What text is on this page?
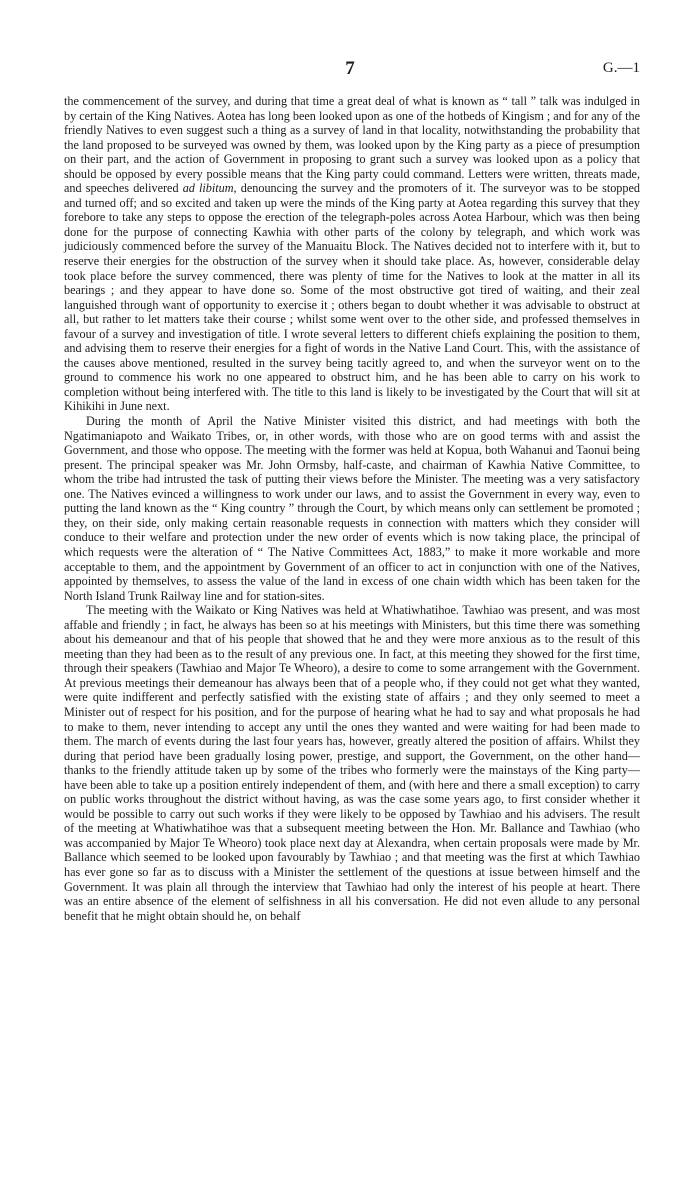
7	G.—1

the commencement of the survey, and during that time a great deal of what is known as “ tall ” talk was indulged in by certain of the King Natives. Aotea has long been looked upon as one of the hotbeds of Kingism ; and for any of the friendly Natives to even suggest such a thing as a survey of land in that locality, notwithstanding the probability that the land proposed to be surveyed was owned by them, was looked upon by the King party as a piece of presumption on their part, and the action of Government in proposing to grant such a survey was looked upon as a policy that should be opposed by every possible means that the King party could command. Letters were written, threats made, and speeches delivered ad libitum, denouncing the survey and the promoters of it. The surveyor was to be stopped and turned off; and so excited and taken up were the minds of the King party at Aotea regarding this survey that they forebore to take any steps to oppose the erection of the telegraph-poles across Aotea Harbour, which was then being done for the purpose of connecting Kawhia with other parts of the colony by telegraph, and which work was judiciously commenced before the survey of the Manuaitu Block. The Natives decided not to interfere with it, but to reserve their energies for the obstruction of the survey when it should take place. As, however, considerable delay took place before the survey commenced, there was plenty of time for the Natives to look at the matter in all its bearings ; and they appear to have done so. Some of the most obstructive got tired of waiting, and their zeal languished through want of opportunity to exercise it ; others began to doubt whether it was advisable to obstruct at all, but rather to let matters take their course ; whilst some went over to the other side, and professed themselves in favour of a survey and investigation of title. I wrote several letters to different chiefs explaining the position to them, and advising them to reserve their energies for a fight of words in the Native Land Court. This, with the assistance of the causes above mentioned, resulted in the survey being tacitly agreed to, and when the surveyor went on to the ground to commence his work no one appeared to obstruct him, and he has been able to carry on his work to completion without being interfered with. The title to this land is likely to be investigated by the Court that will sit at Kihikihi in June next.

During the month of April the Native Minister visited this district, and had meetings with both the Ngatimaniapoto and Waikato Tribes, or, in other words, with those who are on good terms with and assist the Government, and those who oppose. The meeting with the former was held at Kopua, both Wahanui and Taonui being present. The principal speaker was Mr. John Ormsby, half-caste, and chairman of Kawhia Native Committee, to whom the tribe had intrusted the task of putting their views before the Minister. The meeting was a very satisfactory one. The Natives evinced a willingness to work under our laws, and to assist the Government in every way, even to putting the land known as the “ King country ” through the Court, by which means only can settlement be promoted ; they, on their side, only making certain reasonable requests in connection with matters which they consider will conduce to their welfare and protection under the new order of events which is now taking place, the principal of which requests were the alteration of “ The Native Committees Act, 1883,” to make it more workable and more acceptable to them, and the appointment by Government of an officer to act in conjunction with one of the Natives, appointed by themselves, to assess the value of the land in excess of one chain width which has been taken for the North Island Trunk Railway line and for station-sites.

The meeting with the Waikato or King Natives was held at Whatiwhatihoe. Tawhiao was present, and was most affable and friendly ; in fact, he always has been so at his meetings with Ministers, but this time there was something about his demeanour and that of his people that showed that he and they were more anxious as to the result of this meeting than they had been as to the result of any previous one. In fact, at this meeting they showed for the first time, through their speakers (Tawhiao and Major Te Wheoro), a desire to come to some arrangement with the Government. At previous meetings their demeanour has always been that of a people who, if they could not get what they wanted, were quite indifferent and perfectly satisfied with the existing state of affairs ; and they only seemed to meet a Minister out of respect for his position, and for the purpose of hearing what he had to say and what proposals he had to make to them, never intending to accept any until the ones they wanted and were waiting for had been made to them. The march of events during the last four years has, however, greatly altered the position of affairs. Whilst they during that period have been gradually losing power, prestige, and support, the Government, on the other hand—thanks to the friendly attitude taken up by some of the tribes who formerly were the mainstays of the King party—have been able to take up a position entirely independent of them, and (with here and there a small exception) to carry on public works throughout the district without having, as was the case some years ago, to first consider whether it would be possible to carry out such works if they were likely to be opposed by Tawhiao and his advisers. The result of the meeting at Whatiwhatihoe was that a subsequent meeting between the Hon. Mr. Ballance and Tawhiao (who was accompanied by Major Te Wheoro) took place next day at Alexandra, when certain proposals were made by Mr. Ballance which seemed to be looked upon favourably by Tawhiao ; and that meeting was the first at which Tawhiao has ever gone so far as to discuss with a Minister the settlement of the questions at issue between himself and the Government. It was plain all through the interview that Tawhiao had only the interest of his people at heart. There was an entire absence of the element of selfishness in all his conversation. He did not even allude to any personal benefit that he might obtain should he, on behalf
